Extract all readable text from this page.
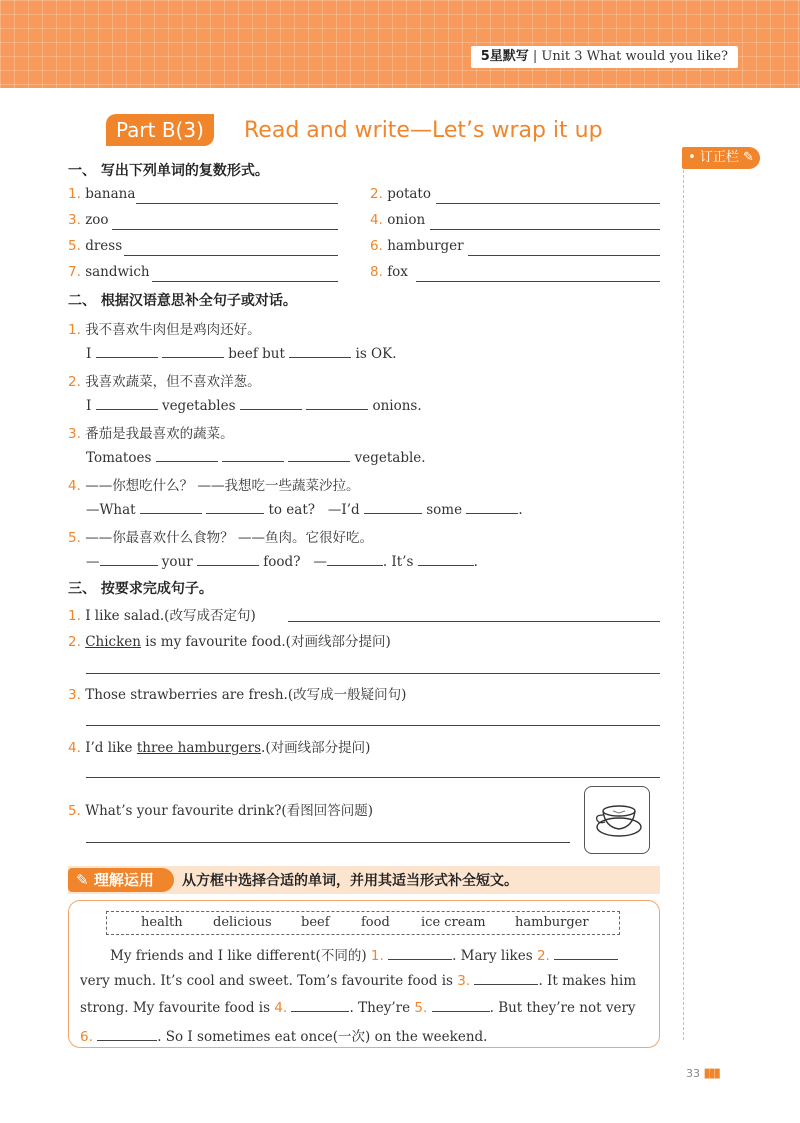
5星默写 | Unit 3 What would you like?
Part B(3)	Read and write—Let’s wrap it up
• 订正栏 ✎
一、 写出下列单词的复数形式。
1. banana	2. potato
3. zoo	4. onion
5. dress	6. hamburger
7. sandwich	8. fox
二、 根据汉语意思补全句子或对话。
1. 我不喜欢牛肉但是鸡肉还好。
I	beef but	is OK.
2. 我喜欢蔬菜，但不喜欢洋葱。
I	vegetables	onions.
3. 番茄是我最喜欢的蔬菜。
Tomatoes	vegetable.
4. ——你想吃什么？ ——我想吃一些蔬菜沙拉。
—What	to eat? —I’d	some	.
5. ——你最喜欢什么食物？ ——鱼肉。它很好吃。
—	your	food? —	. It’s	.
三、 按要求完成句子。
1. I like salad.(改写成否定句)
2. Chicken is my favourite food.(对画线部分提问)
3. Those strawberries are fresh.(改写成一般疑问句)
4. I’d like three hamburgers.(对画线部分提问)
5. What’s your favourite drink?(看图回答问题)
✎ 理解运用	从方框中选择合适的单词，并用其适当形式补全短文。
health delicious beef food ice cream hamburger
My friends and I like different(不同的) 1.	. Mary likes 2.
very much. It’s cool and sweet. Tom’s favourite food is 3.	. It makes him
strong. My favourite food is 4.	. They’re 5.	. But they’re not very
6.	. So I sometimes eat once(一次) on the weekend.
33 ▮▮▮
